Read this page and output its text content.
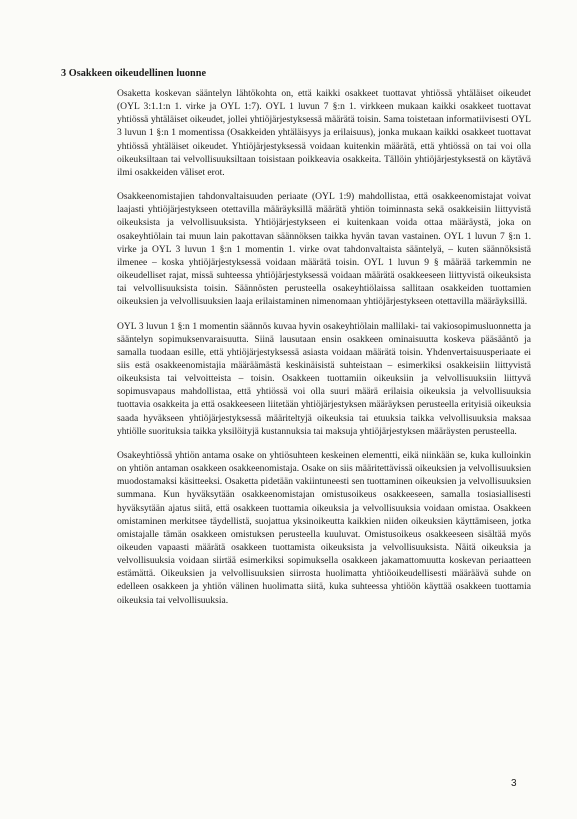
3 Osakkeen oikeudellinen luonne

Osaketta koskevan sääntelyn lähtökohta on, että kaikki osakkeet tuottavat yhtiössä yhtäläiset oikeudet (OYL 3:1.1:n 1. virke ja OYL 1:7). OYL 1 luvun 7 §:n 1. virkkeen mukaan kaikki osakkeet tuottavat yhtiössä yhtäläiset oikeudet, jollei yhtiöjärjestyksessä määrätä toisin. Sama toistetaan informatiivisesti OYL 3 luvun 1 §:n 1 momentissa (Osakkeiden yhtäläisyys ja erilaisuus), jonka mukaan kaikki osakkeet tuottavat yhtiössä yhtäläiset oikeudet. Yhtiöjärjestyksessä voidaan kuitenkin määrätä, että yhtiössä on tai voi olla oikeuksiltaan tai velvollisuuksiltaan toisistaan poikkeavia osakkeita. Tällöin yhtiöjärjestyksestä on käytävä ilmi osakkeiden väliset erot.

Osakkeenomistajien tahdonvaltaisuuden periaate (OYL 1:9) mahdollistaa, että osakkeenomistajat voivat laajasti yhtiöjärjestykseen otettavilla määräyksillä määrätä yhtiön toiminnasta sekä osakkeisiin liittyvistä oikeuksista ja velvollisuuksista. Yhtiöjärjestykseen ei kuitenkaan voida ottaa määräystä, joka on osakeyhtiölain tai muun lain pakottavan säännöksen taikka hyvän tavan vastainen. OYL 1 luvun 7 §:n 1. virke ja OYL 3 luvun 1 §:n 1 momentin 1. virke ovat tahdonvaltaista sääntelyä, – kuten säännöksistä ilmenee – koska yhtiöjärjestyksessä voidaan määrätä toisin. OYL 1 luvun 9 § määrää tarkemmin ne oikeudelliset rajat, missä suhteessa yhtiöjärjestyksessä voidaan määrätä osakkeeseen liittyvistä oikeuksista tai velvollisuuksista toisin. Säännösten perusteella osakeyhtiölaissa sallitaan osakkeiden tuottamien oikeuksien ja velvollisuuksien laaja erilaistaminen nimenomaan yhtiöjärjestykseen otettavilla määräyksillä.

OYL 3 luvun 1 §:n 1 momentin säännös kuvaa hyvin osakeyhtiölain mallilaki- tai vakiosopimusluonnetta ja sääntelyn sopimuksenvaraisuutta. Siinä lausutaan ensin osakkeen ominaisuutta koskeva pääsääntö ja samalla tuodaan esille, että yhtiöjärjestyksessä asiasta voidaan määrätä toisin. Yhdenvertaisuusperiaate ei siis estä osakkeenomistajia määräämästä keskinäisistä suhteistaan – esimerkiksi osakkeisiin liittyvistä oikeuksista tai velvoitteista – toisin. Osakkeen tuottamiin oikeuksiin ja velvollisuuksiin liittyvä sopimusvapaus mahdollistaa, että yhtiössä voi olla suuri määrä erilaisia oikeuksia ja velvollisuuksia tuottavia osakkeita ja että osakkeeseen liitetään yhtiöjärjestyksen määräyksen perusteella erityisiä oikeuksia saada hyväkseen yhtiöjärjestyksessä määriteltyjä oikeuksia tai etuuksia taikka velvollisuuksia maksaa yhtiölle suorituksia taikka yksilöityjä kustannuksia tai maksuja yhtiöjärjestyksen määräysten perusteella.

Osakeyhtiössä yhtiön antama osake on yhtiösuhteen keskeinen elementti, eikä niinkään se, kuka kulloinkin on yhtiön antaman osakkeen osakkeenomistaja. Osake on siis määritettävissä oikeuksien ja velvollisuuksien muodostamaksi käsitteeksi. Osaketta pidetään vakiintuneesti sen tuottaminen oikeuksien ja velvollisuuksien summana. Kun hyväksytään osakkeenomistajan omistusoikeus osakkeeseen, samalla tosiasiallisesti hyväksytään ajatus siitä, että osakkeen tuottamia oikeuksia ja velvollisuuksia voidaan omistaa. Osakkeen omistaminen merkitsee täydellistä, suojattua yksinoikeutta kaikkien niiden oikeuksien käyttämiseen, jotka omistajalle tämän osakkeen omistuksen perusteella kuuluvat. Omistusoikeus osakkeeseen sisältää myös oikeuden vapaasti määrätä osakkeen tuottamista oikeuksista ja velvollisuuksista. Näitä oikeuksia ja velvollisuuksia voidaan siirtää esimerkiksi sopimuksella osakkeen jakamattomuutta koskevan periaatteen estämättä. Oikeuksien ja velvollisuuksien siirrosta huolimatta yhtiöoikeudellisesti määräävä suhde on edelleen osakkeen ja yhtiön välinen huolimatta siitä, kuka suhteessa yhtiöön käyttää osakkeen tuottamia oikeuksia tai velvollisuuksia.

3
